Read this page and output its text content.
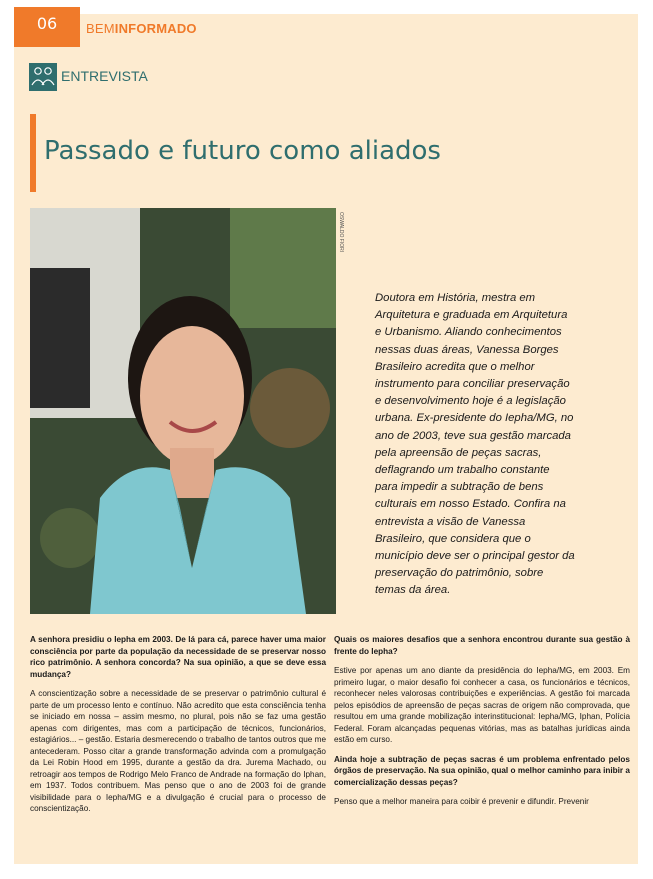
06	BEMINFORMADO
ENTREVISTA
Passado e futuro como aliados
OSWALDO FIORI
Doutora em História, mestra em Arquitetura e graduada em Arquitetura e Urbanismo. Aliando conhecimentos nessas duas áreas, Vanessa Borges Brasileiro acredita que o melhor instrumento para conciliar preservação e desenvolvimento hoje é a legislação urbana. Ex-presidente do Iepha/MG, no ano de 2003, teve sua gestão marcada pela apreensão de peças sacras, deflagrando um trabalho constante para impedir a subtração de bens culturais em nosso Estado. Confira na entrevista a visão de Vanessa Brasileiro, que considera que o município deve ser o principal gestor da preservação do patrimônio, sobre temas da área.

A senhora presidiu o Iepha em 2003. De lá para cá, parece haver uma maior consciência por parte da população da necessidade de se preservar nosso rico patrimônio. A senhora concorda? Na sua opinião, a que se deve essa mudança?

A conscientização sobre a necessidade de se preservar o patrimônio cultural é parte de um processo lento e contínuo. Não acredito que esta consciência tenha se iniciado em nossa – assim mesmo, no plural, pois não se faz uma gestão apenas com dirigentes, mas com a participação de técnicos, funcionários, estagiários... – gestão. Estaria desmerecendo o trabalho de tantos outros que me antecederam. Posso citar a grande transformação advinda com a promulgação da Lei Robin Hood em 1995, durante a gestão da dra. Jurema Machado, ou retroagir aos tempos de Rodrigo Melo Franco de Andrade na formação do Iphan, em 1937. Todos contribuem. Mas penso que o ano de 2003 foi de grande visibilidade para o Iepha/MG e a divulgação é crucial para o processo de conscientização.

Quais os maiores desafios que a senhora encontrou durante sua gestão à frente do Iepha?

Estive por apenas um ano diante da presidência do Iepha/MG, em 2003. Em primeiro lugar, o maior desafio foi conhecer a casa, os funcionários e técnicos, reconhecer neles valorosas contribuições e experiências. A gestão foi marcada pelos episódios de apreensão de peças sacras de origem não comprovada, que resultou em uma grande mobilização interinstitucional: Iepha/MG, Iphan, Polícia Federal. Foram alcançadas pequenas vitórias, mas as batalhas jurídicas ainda estão em curso.

Ainda hoje a subtração de peças sacras é um problema enfrentado pelos órgãos de preservação. Na sua opinião, qual o melhor caminho para inibir a comercialização dessas peças?

Penso que a melhor maneira para coibir é prevenir e difundir. Prevenir
